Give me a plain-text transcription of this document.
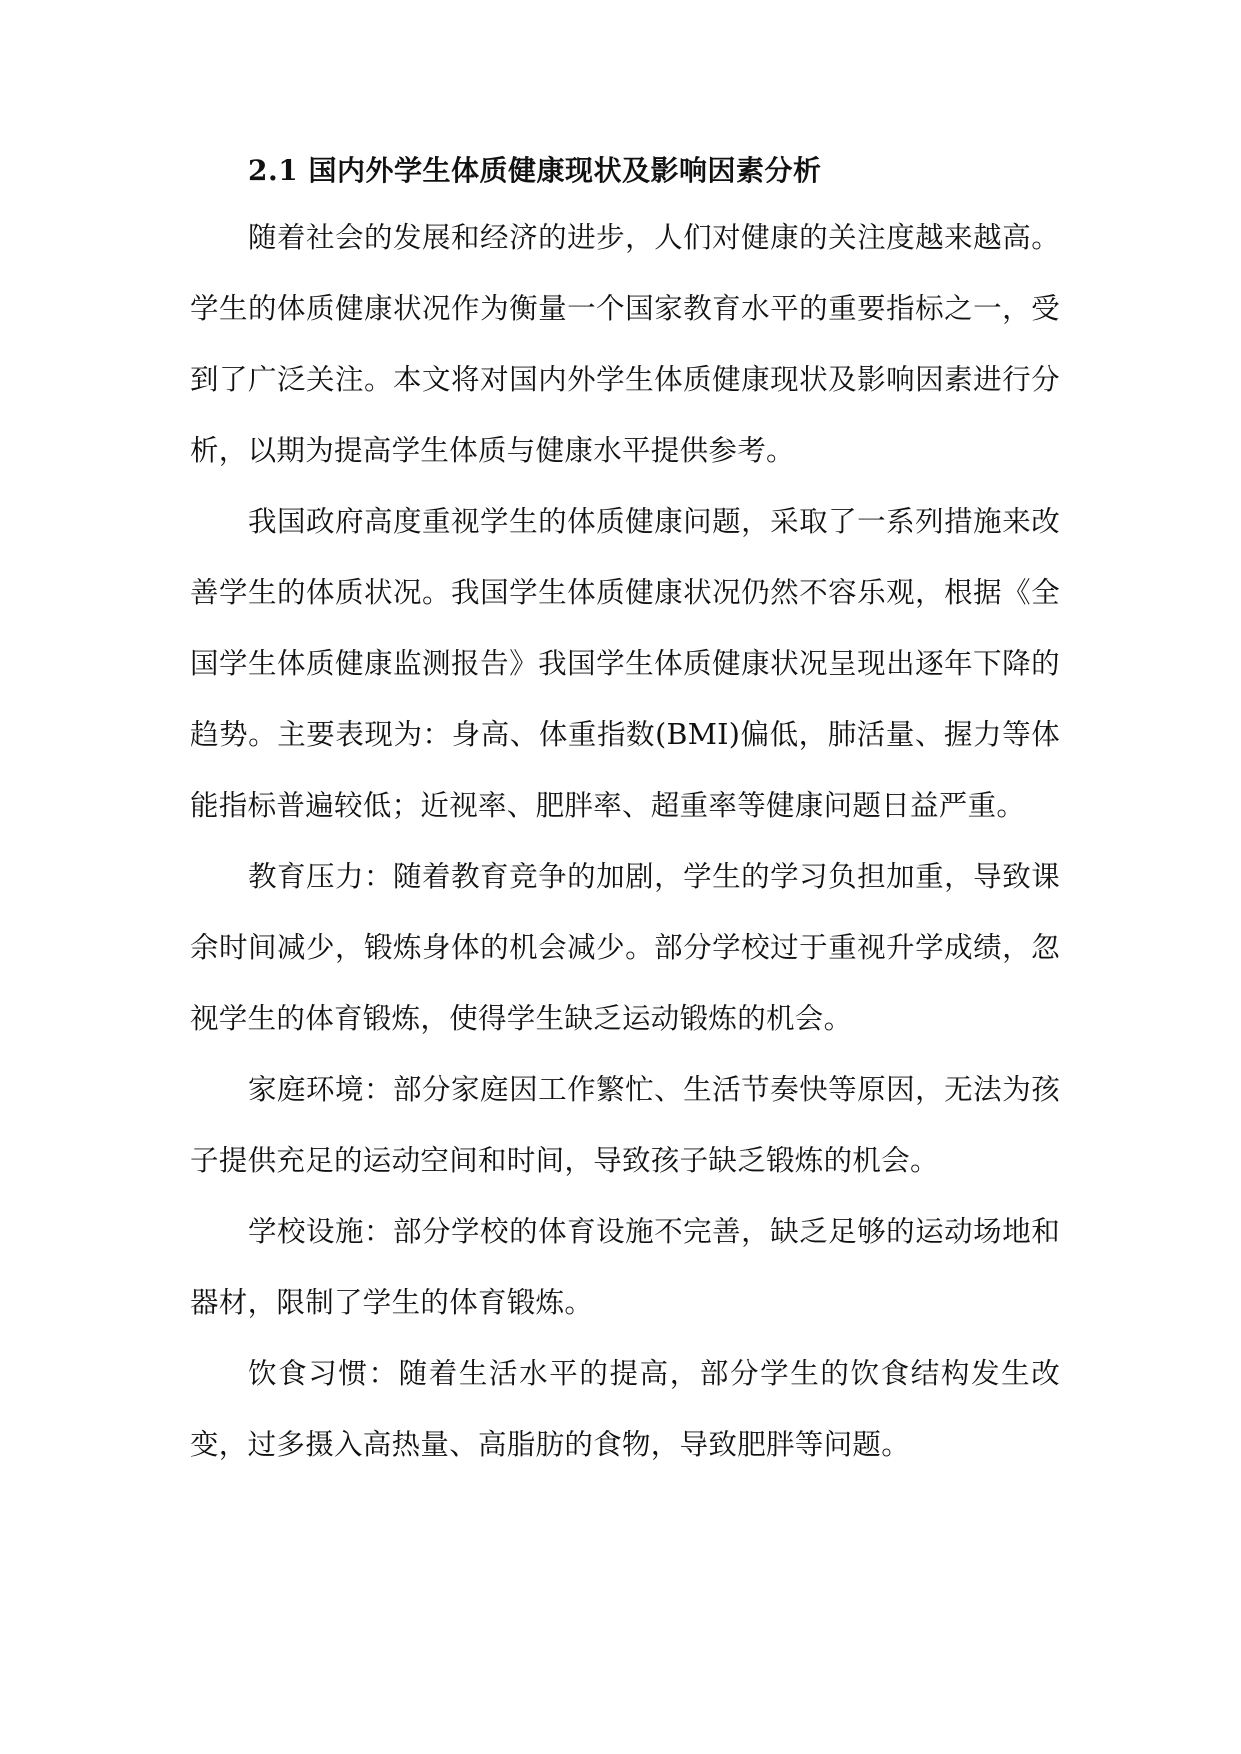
2.1 国内外学生体质健康现状及影响因素分析

随着社会的发展和经济的进步，人们对健康的关注度越来越高。学生的体质健康状况作为衡量一个国家教育水平的重要指标之一，受到了广泛关注。本文将对国内外学生体质健康现状及影响因素进行分析，以期为提高学生体质与健康水平提供参考。

我国政府高度重视学生的体质健康问题，采取了一系列措施来改善学生的体质状况。我国学生体质健康状况仍然不容乐观，根据《全国学生体质健康监测报告》我国学生体质健康状况呈现出逐年下降的趋势。主要表现为：身高、体重指数(BMI)偏低，肺活量、握力等体能指标普遍较低；近视率、肥胖率、超重率等健康问题日益严重。

教育压力：随着教育竞争的加剧，学生的学习负担加重，导致课余时间减少，锻炼身体的机会减少。部分学校过于重视升学成绩，忽视学生的体育锻炼，使得学生缺乏运动锻炼的机会。

家庭环境：部分家庭因工作繁忙、生活节奏快等原因，无法为孩子提供充足的运动空间和时间，导致孩子缺乏锻炼的机会。

学校设施：部分学校的体育设施不完善，缺乏足够的运动场地和器材，限制了学生的体育锻炼。

饮食习惯：随着生活水平的提高，部分学生的饮食结构发生改变，过多摄入高热量、高脂肪的食物，导致肥胖等问题。
